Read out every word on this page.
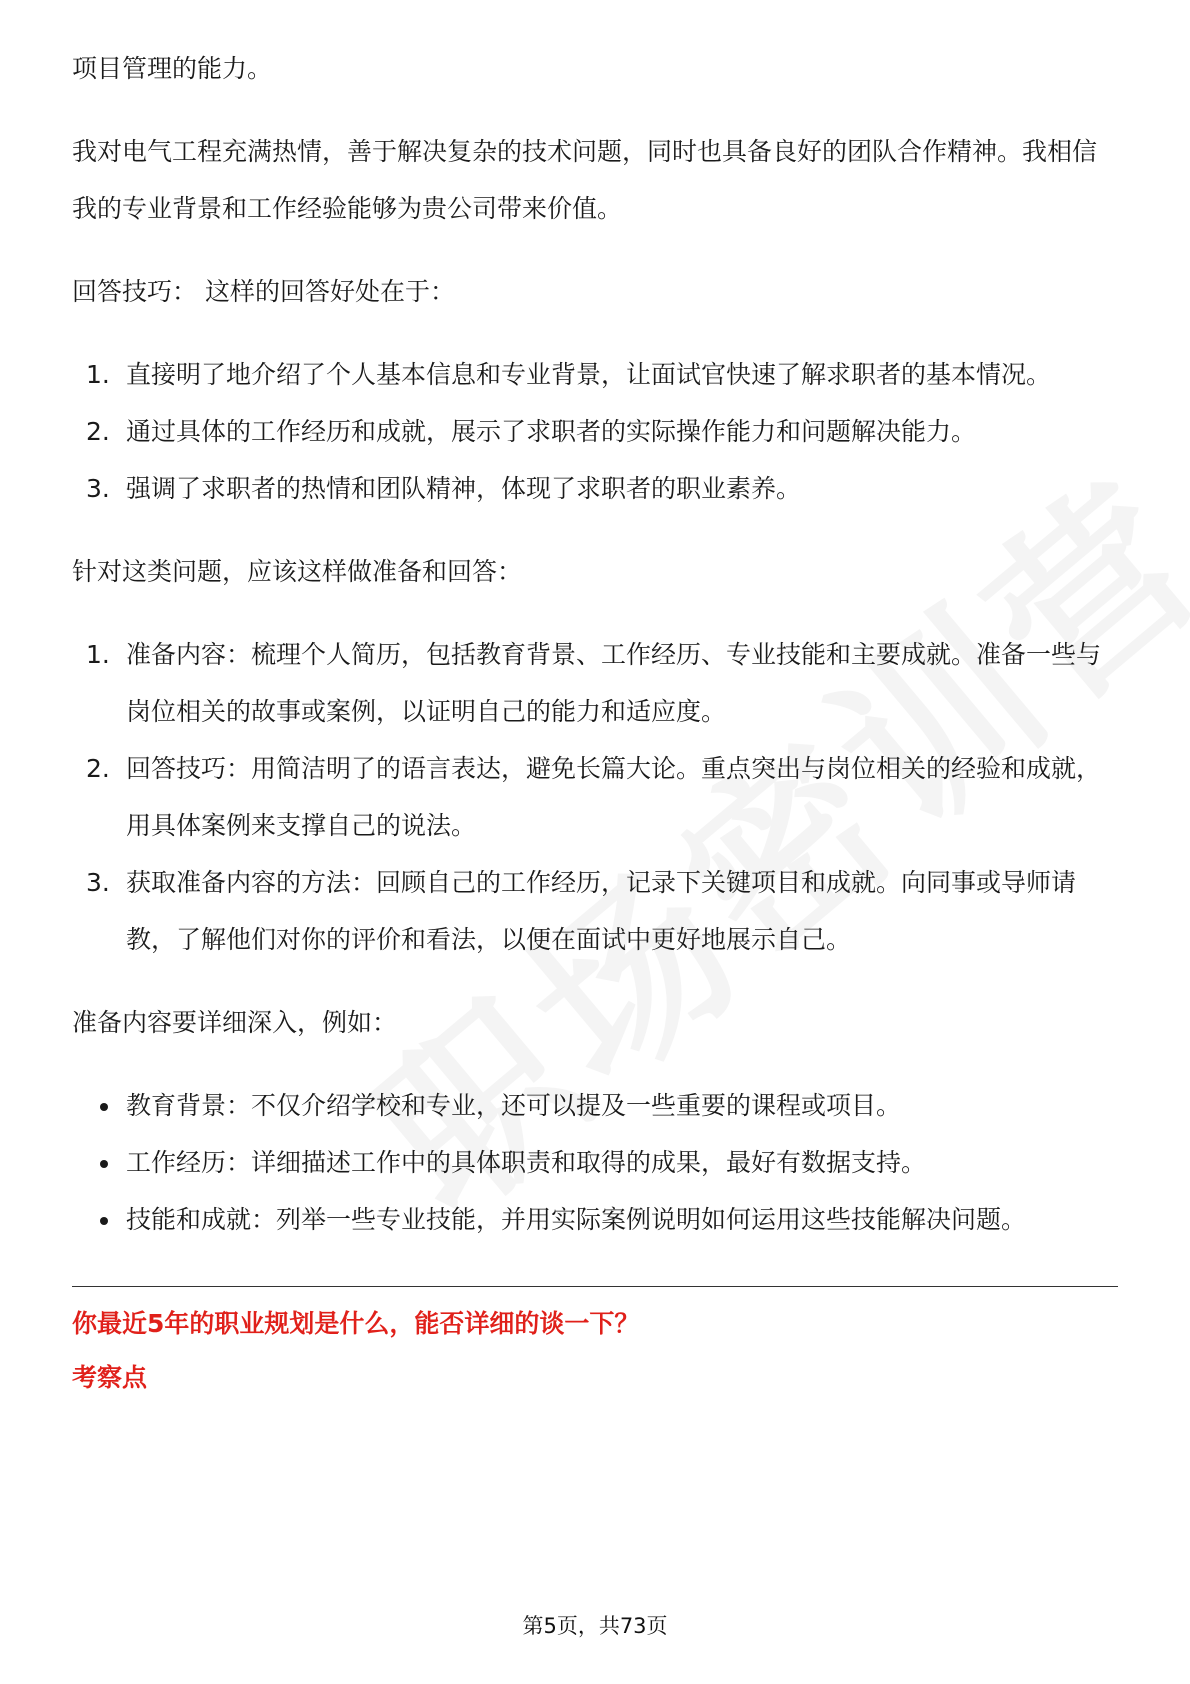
项目管理的能力。

我对电气工程充满热情，善于解决复杂的技术问题，同时也具备良好的团队合作精神。我相信我的专业背景和工作经验能够为贵公司带来价值。

回答技巧： 这样的回答好处在于：

1. 直接明了地介绍了个人基本信息和专业背景，让面试官快速了解求职者的基本情况。
2. 通过具体的工作经历和成就，展示了求职者的实际操作能力和问题解决能力。
3. 强调了求职者的热情和团队精神，体现了求职者的职业素养。

针对这类问题，应该这样做准备和回答：

1. 准备内容：梳理个人简历，包括教育背景、工作经历、专业技能和主要成就。准备一些与岗位相关的故事或案例，以证明自己的能力和适应度。
2. 回答技巧：用简洁明了的语言表达，避免长篇大论。重点突出与岗位相关的经验和成就，用具体案例来支撑自己的说法。
3. 获取准备内容的方法：回顾自己的工作经历，记录下关键项目和成就。向同事或导师请教，了解他们对你的评价和看法，以便在面试中更好地展示自己。

准备内容要详细深入，例如：

教育背景：不仅介绍学校和专业，还可以提及一些重要的课程或项目。
工作经历：详细描述工作中的具体职责和取得的成果，最好有数据支持。
技能和成就：列举一些专业技能，并用实际案例说明如何运用这些技能解决问题。

你最近5年的职业规划是什么，能否详细的谈一下？

考察点

第5页，共73页
